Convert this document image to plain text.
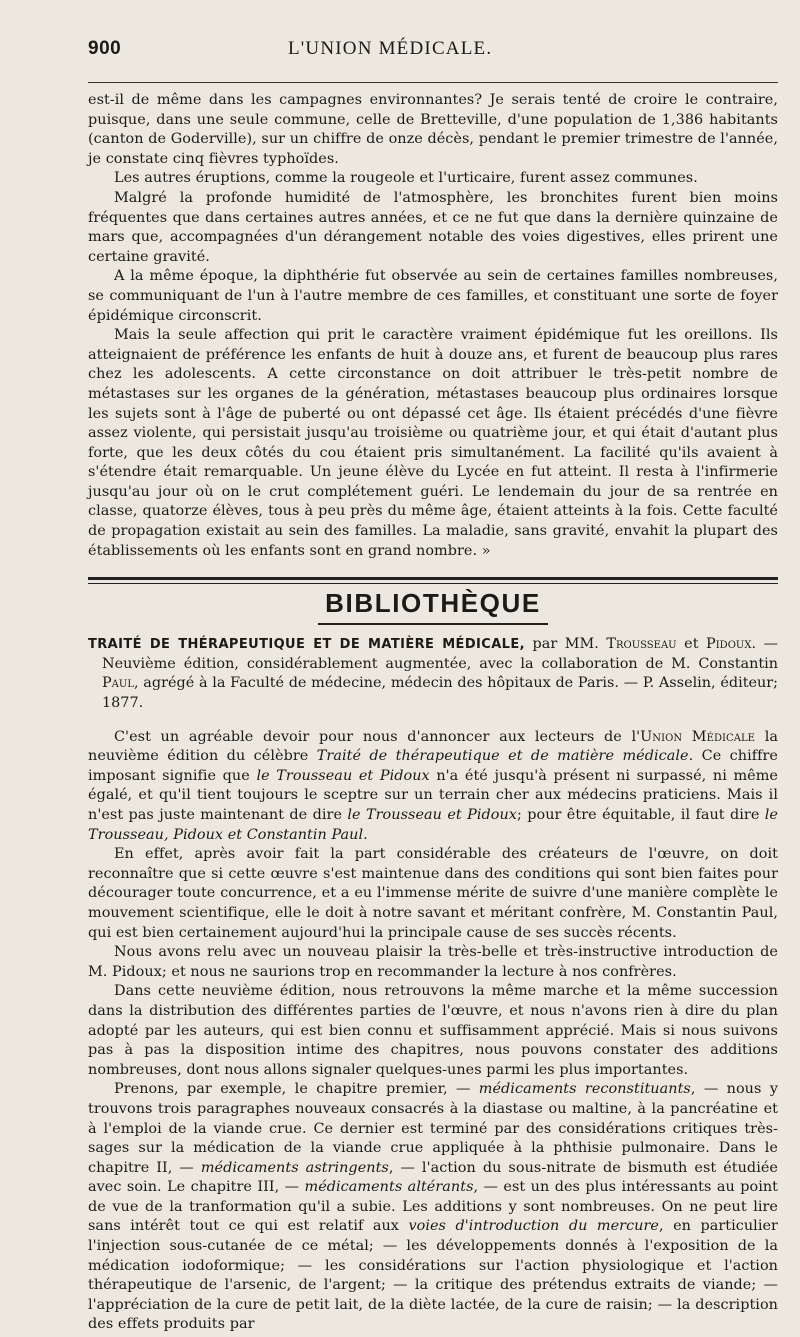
900	L'UNION MÉDICALE.

est-il de même dans les campagnes environnantes? Je serais tenté de croire le contraire, puisque, dans une seule commune, celle de Bretteville, d'une population de 1,386 habitants (canton de Goderville), sur un chiffre de onze décès, pendant le premier trimestre de l'année, je constate cinq fièvres typhoïdes.

Les autres éruptions, comme la rougeole et l'urticaire, furent assez communes.

Malgré la profonde humidité de l'atmosphère, les bronchites furent bien moins fréquentes que dans certaines autres années, et ce ne fut que dans la dernière quinzaine de mars que, accompagnées d'un dérangement notable des voies digestives, elles prirent une certaine gravité.

A la même époque, la diphthérie fut observée au sein de certaines familles nombreuses, se communiquant de l'un à l'autre membre de ces familles, et constituant une sorte de foyer épidémique circonscrit.

Mais la seule affection qui prit le caractère vraiment épidémique fut les oreillons. Ils atteignaient de préférence les enfants de huit à douze ans, et furent de beaucoup plus rares chez les adolescents. A cette circonstance on doit attribuer le très-petit nombre de métastases sur les organes de la génération, métastases beaucoup plus ordinaires lorsque les sujets sont à l'âge de puberté ou ont dépassé cet âge. Ils étaient précédés d'une fièvre assez violente, qui persistait jusqu'au troisième ou quatrième jour, et qui était d'autant plus forte, que les deux côtés du cou étaient pris simultanément. La facilité qu'ils avaient à s'étendre était remarquable. Un jeune élève du Lycée en fut atteint. Il resta à l'infirmerie jusqu'au jour où on le crut complétement guéri. Le lendemain du jour de sa rentrée en classe, quatorze élèves, tous à peu près du même âge, étaient atteints à la fois. Cette faculté de propagation existait au sein des familles. La maladie, sans gravité, envahit la plupart des établissements où les enfants sont en grand nombre. »

BIBLIOTHÈQUE
TRAITÉ DE THÉRAPEUTIQUE ET DE MATIÈRE MÉDICALE, par MM. Trousseau et Pidoux. — Neuvième édition, considérablement augmentée, avec la collaboration de M. Constantin Paul, agrégé à la Faculté de médecine, médecin des hôpitaux de Paris. — P. Asselin, éditeur; 1877.

C'est un agréable devoir pour nous d'annoncer aux lecteurs de l'Union Médicale la neuvième édition du célèbre Traité de thérapeutique et de matière médicale. Ce chiffre imposant signifie que le Trousseau et Pidoux n'a été jusqu'à présent ni surpassé, ni même égalé, et qu'il tient toujours le sceptre sur un terrain cher aux médecins praticiens. Mais il n'est pas juste maintenant de dire le Trousseau et Pidoux; pour être équitable, il faut dire le Trousseau, Pidoux et Constantin Paul.

En effet, après avoir fait la part considérable des créateurs de l'œuvre, on doit reconnaître que si cette œuvre s'est maintenue dans des conditions qui sont bien faites pour décourager toute concurrence, et a eu l'immense mérite de suivre d'une manière complète le mouvement scientifique, elle le doit à notre savant et méritant confrère, M. Constantin Paul, qui est bien certainement aujourd'hui la principale cause de ses succès récents.

Nous avons relu avec un nouveau plaisir la très-belle et très-instructive introduction de M. Pidoux; et nous ne saurions trop en recommander la lecture à nos confrères.

Dans cette neuvième édition, nous retrouvons la même marche et la même succession dans la distribution des différentes parties de l'œuvre, et nous n'avons rien à dire du plan adopté par les auteurs, qui est bien connu et suffisamment apprécié. Mais si nous suivons pas à pas la disposition intime des chapitres, nous pouvons constater des additions nombreuses, dont nous allons signaler quelques-unes parmi les plus importantes.

Prenons, par exemple, le chapitre premier, — médicaments reconstituants, — nous y trouvons trois paragraphes nouveaux consacrés à la diastase ou maltine, à la pancréatine et à l'emploi de la viande crue. Ce dernier est terminé par des considérations critiques très-sages sur la médication de la viande crue appliquée à la phthisie pulmonaire. Dans le chapitre II, — médicaments astringents, — l'action du sous-nitrate de bismuth est étudiée avec soin. Le chapitre III, — médicaments altérants, — est un des plus intéressants au point de vue de la tranformation qu'il a subie. Les additions y sont nombreuses. On ne peut lire sans intérêt tout ce qui est relatif aux voies d'introduction du mercure, en particulier l'injection sous-cutanée de ce métal; — les développements donnés à l'exposition de la médication iodoformique; — les considérations sur l'action physiologique et l'action thérapeutique de l'arsenic, de l'argent; — la critique des prétendus extraits de viande; — l'appréciation de la cure de petit lait, de la diète lactée, de la cure de raisin; — la description des effets produits par
